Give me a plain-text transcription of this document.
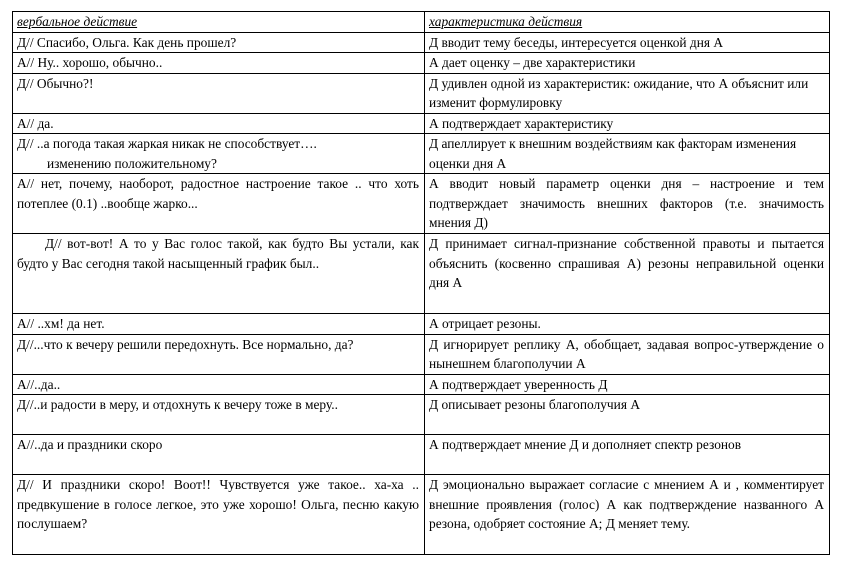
вербальное действие	характеристика действия
Д// Спасибо, Ольга. Как день прошел?	Д вводит тему беседы, интересуется оценкой дня А
А// Ну.. хорошо, обычно..	А дает оценку – две характеристики
Д// Обычно?!	Д удивлен одной из характеристик: ожидание, что А объяснит или изменит формулировку
А// да.	А подтверждает характеристику
Д// ..а погода такая жаркая никак не способствует….
изменению положительному?	Д апеллирует к внешним воздействиям как факторам изменения оценки дня А
А// нет, почему, наоборот, радостное настроение такое .. что хоть потеплее (0.1) ..вообще жарко...	А вводит новый параметр оценки дня – настроение и тем подтверждает значимость внешних факторов (т.е. значимость мнения Д)
Д// вот-вот! А то у Вас голос такой, как будто Вы устали, как будто у Вас сегодня такой насыщенный график был..	Д принимает сигнал-признание собственной правоты и пытается объяснить (косвенно спрашивая А) резоны неправильной оценки дня А
А// ..хм! да нет.	А отрицает резоны.
Д//...что к вечеру решили передохнуть. Все нормально, да?	Д игнорирует реплику А, обобщает, задавая вопрос-утверждение о нынешнем благополучии А
А//..да..	А подтверждает уверенность Д
Д//..и радости в меру, и отдохнуть к вечеру тоже в меру..	Д описывает резоны благополучия А
А//..да и праздники скоро	А подтверждает мнение Д и дополняет спектр резонов
Д// И праздники скоро! Воот!! Чувствуется уже такое.. ха-ха .. предвкушение в голосе легкое, это уже хорошо! Ольга, песню какую послушаем?	Д эмоционально выражает согласие с мнением А и , комментирует внешние проявления (голос) А как подтверждение названного А резона, одобряет состояние А; Д меняет тему.
